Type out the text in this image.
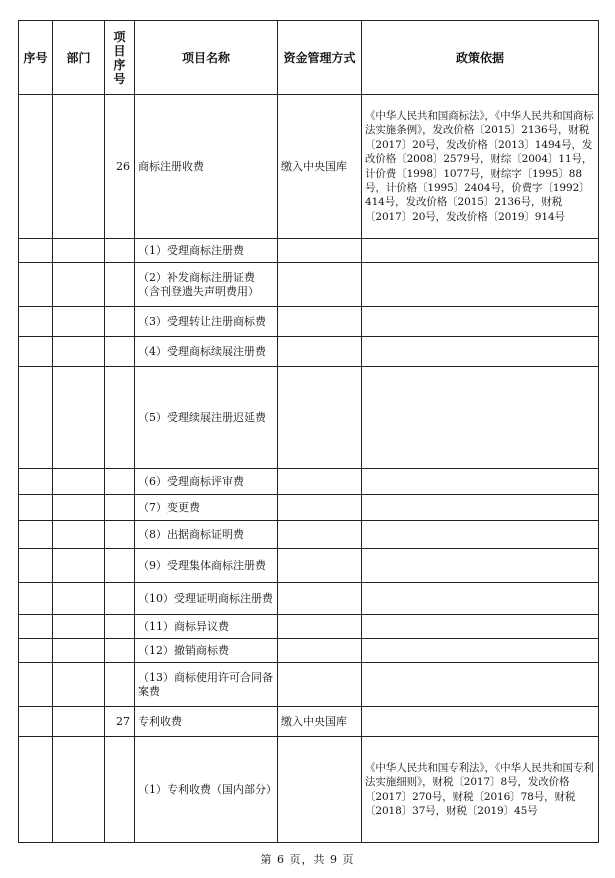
序号	部门	项目序号	项目名称	资金管理方式	政策依据
		26	商标注册收费	缴入中央国库	《中华人民共和国商标法》，《中华人民共和国商标法实施条例》，发改价格〔2015〕2136号，财税〔2017〕20号，发改价格〔2013〕1494号，发改价格〔2008〕2579号，财综〔2004〕11号，计价费〔1998〕1077号，财综字〔1995〕88号，计价格〔1995〕2404号，价费字〔1992〕414号，发改价格〔2015〕2136号，财税〔2017〕20号，发改价格〔2019〕914号
			（1）受理商标注册费		
			（2）补发商标注册证费（含刊登遗失声明费用）		
			（3）受理转让注册商标费		
			（4）受理商标续展注册费		
			（5）受理续展注册迟延费		
			（6）受理商标评审费		
			（7）变更费		
			（8）出据商标证明费		
			（9）受理集体商标注册费		
			（10）受理证明商标注册费		
			（11）商标异议费		
			（12）撤销商标费		
			（13）商标使用许可合同备案费		
		27	专利收费	缴入中央国库	
			（1）专利收费（国内部分）		《中华人民共和国专利法》，《中华人民共和国专利法实施细则》，财税〔2017〕8号，发改价格〔2017〕270号，财税〔2016〕78号，财税〔2018〕37号，财税〔2019〕45号
第 6 页，共 9 页
